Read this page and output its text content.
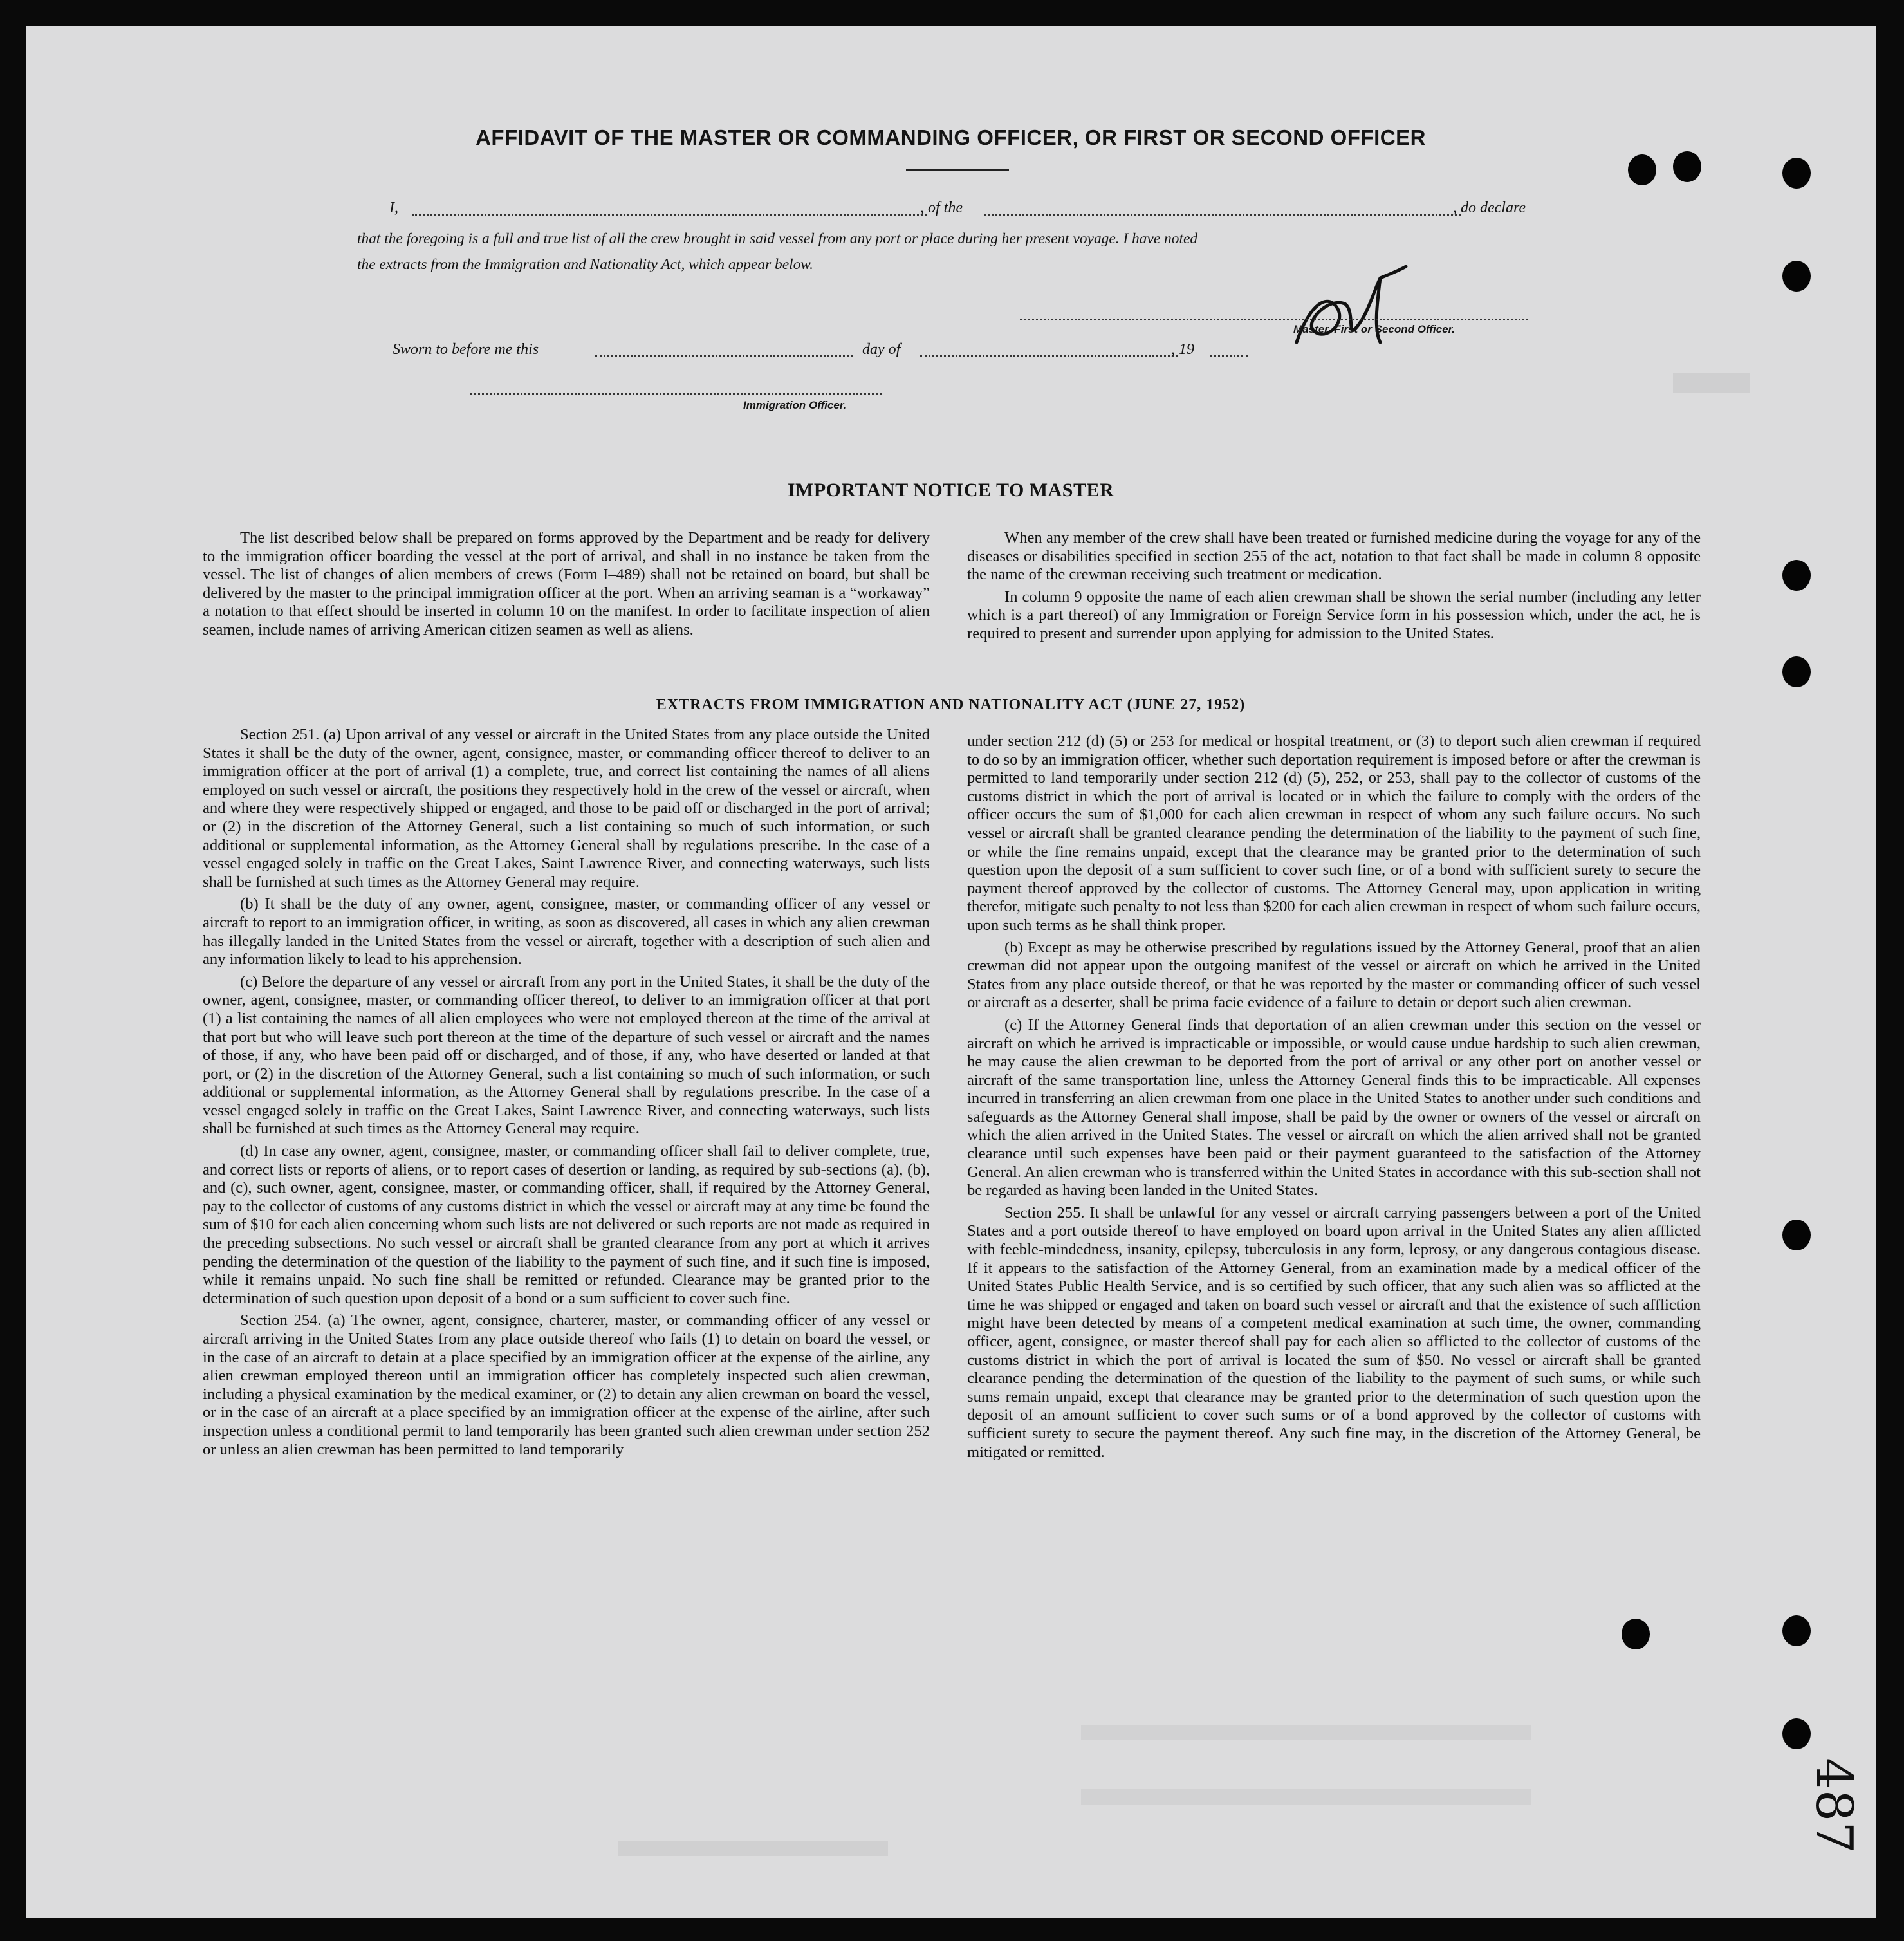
AFFIDAVIT OF THE MASTER OR COMMANDING OFFICER, OR FIRST OR SECOND OFFICER
I,	, of the	, do declare
that the foregoing is a full and true list of all the crew brought in said vessel from any port or place during her present voyage. I have noted
the extracts from the Immigration and Nationality Act, which appear below.
Master, First or Second Officer.
Sworn to before me this	day of	, 19
Immigration Officer.
IMPORTANT NOTICE TO MASTER

The list described below shall be prepared on forms approved by the Department and be ready for delivery to the immigration officer boarding the vessel at the port of arrival, and shall in no instance be taken from the vessel. The list of changes of alien members of crews (Form I–489) shall not be retained on board, but shall be delivered by the master to the principal immigration officer at the port. When an arriving seaman is a “workaway” a notation to that effect should be inserted in column 10 on the manifest. In order to facilitate inspection of alien seamen, include names of arriving American citizen seamen as well as aliens.

When any member of the crew shall have been treated or furnished medicine during the voyage for any of the diseases or disabilities specified in section 255 of the act, notation to that fact shall be made in column 8 opposite the name of the crewman receiving such treatment or medication.

In column 9 opposite the name of each alien crewman shall be shown the serial number (including any letter which is a part thereof) of any Immigration or Foreign Service form in his possession which, under the act, he is required to present and surrender upon applying for admission to the United States.

EXTRACTS FROM IMMIGRATION AND NATIONALITY ACT (JUNE 27, 1952)

Section 251. (a) Upon arrival of any vessel or aircraft in the United States from any place outside the United States it shall be the duty of the owner, agent, consignee, master, or commanding officer thereof to deliver to an immigration officer at the port of arrival (1) a complete, true, and correct list containing the names of all aliens employed on such vessel or aircraft, the positions they respectively hold in the crew of the vessel or aircraft, when and where they were respectively shipped or engaged, and those to be paid off or discharged in the port of arrival; or (2) in the discretion of the Attorney General, such a list containing so much of such information, or such additional or supplemental information, as the Attorney General shall by regulations prescribe. In the case of a vessel engaged solely in traffic on the Great Lakes, Saint Lawrence River, and connecting waterways, such lists shall be furnished at such times as the Attorney General may require.

(b) It shall be the duty of any owner, agent, consignee, master, or commanding officer of any vessel or aircraft to report to an immigration officer, in writing, as soon as discovered, all cases in which any alien crewman has illegally landed in the United States from the vessel or aircraft, together with a description of such alien and any information likely to lead to his apprehension.

(c) Before the departure of any vessel or aircraft from any port in the United States, it shall be the duty of the owner, agent, consignee, master, or commanding officer thereof, to deliver to an immigration officer at that port (1) a list containing the names of all alien employees who were not employed thereon at the time of the arrival at that port but who will leave such port thereon at the time of the departure of such vessel or aircraft and the names of those, if any, who have been paid off or discharged, and of those, if any, who have deserted or landed at that port, or (2) in the discretion of the Attorney General, such a list containing so much of such information, or such additional or supplemental information, as the Attorney General shall by regulations prescribe. In the case of a vessel engaged solely in traffic on the Great Lakes, Saint Lawrence River, and connecting waterways, such lists shall be furnished at such times as the Attorney General may require.

(d) In case any owner, agent, consignee, master, or commanding officer shall fail to deliver complete, true, and correct lists or reports of aliens, or to report cases of desertion or landing, as required by sub-sections (a), (b), and (c), such owner, agent, consignee, master, or commanding officer, shall, if required by the Attorney General, pay to the collector of customs of any customs district in which the vessel or aircraft may at any time be found the sum of $10 for each alien concerning whom such lists are not delivered or such reports are not made as required in the preceding subsections. No such vessel or aircraft shall be granted clearance from any port at which it arrives pending the determination of the question of the liability to the payment of such fine, and if such fine is imposed, while it remains unpaid. No such fine shall be remitted or refunded. Clearance may be granted prior to the determination of such question upon deposit of a bond or a sum sufficient to cover such fine.

Section 254. (a) The owner, agent, consignee, charterer, master, or commanding officer of any vessel or aircraft arriving in the United States from any place outside thereof who fails (1) to detain on board the vessel, or in the case of an aircraft to detain at a place specified by an immigration officer at the expense of the airline, any alien crewman employed thereon until an immigration officer has completely inspected such alien crewman, including a physical examination by the medical examiner, or (2) to detain any alien crewman on board the vessel, or in the case of an aircraft at a place specified by an immigration officer at the expense of the airline, after such inspection unless a conditional permit to land temporarily has been granted such alien crewman under section 252 or unless an alien crewman has been permitted to land temporarily

under section 212 (d) (5) or 253 for medical or hospital treatment, or (3) to deport such alien crewman if required to do so by an immigration officer, whether such deportation requirement is imposed before or after the crewman is permitted to land temporarily under section 212 (d) (5), 252, or 253, shall pay to the collector of customs of the customs district in which the port of arrival is located or in which the failure to comply with the orders of the officer occurs the sum of $1,000 for each alien crewman in respect of whom any such failure occurs. No such vessel or aircraft shall be granted clearance pending the determination of the liability to the payment of such fine, or while the fine remains unpaid, except that the clearance may be granted prior to the determination of such question upon the deposit of a sum sufficient to cover such fine, or of a bond with sufficient surety to secure the payment thereof approved by the collector of customs. The Attorney General may, upon application in writing therefor, mitigate such penalty to not less than $200 for each alien crewman in respect of whom such failure occurs, upon such terms as he shall think proper.

(b) Except as may be otherwise prescribed by regulations issued by the Attorney General, proof that an alien crewman did not appear upon the outgoing manifest of the vessel or aircraft on which he arrived in the United States from any place outside thereof, or that he was reported by the master or commanding officer of such vessel or aircraft as a deserter, shall be prima facie evidence of a failure to detain or deport such alien crewman.

(c) If the Attorney General finds that deportation of an alien crewman under this section on the vessel or aircraft on which he arrived is impracticable or impossible, or would cause undue hardship to such alien crewman, he may cause the alien crewman to be deported from the port of arrival or any other port on another vessel or aircraft of the same transportation line, unless the Attorney General finds this to be impracticable. All expenses incurred in transferring an alien crewman from one place in the United States to another under such conditions and safeguards as the Attorney General shall impose, shall be paid by the owner or owners of the vessel or aircraft on which the alien arrived in the United States. The vessel or aircraft on which the alien arrived shall not be granted clearance until such expenses have been paid or their payment guaranteed to the satisfaction of the Attorney General. An alien crewman who is transferred within the United States in accordance with this sub-section shall not be regarded as having been landed in the United States.

Section 255. It shall be unlawful for any vessel or aircraft carrying passengers between a port of the United States and a port outside thereof to have employed on board upon arrival in the United States any alien afflicted with feeble-mindedness, insanity, epilepsy, tuberculosis in any form, leprosy, or any dangerous contagious disease. If it appears to the satisfaction of the Attorney General, from an examination made by a medical officer of the United States Public Health Service, and is so certified by such officer, that any such alien was so afflicted at the time he was shipped or engaged and taken on board such vessel or aircraft and that the existence of such affliction might have been detected by means of a competent medical examination at such time, the owner, commanding officer, agent, consignee, or master thereof shall pay for each alien so afflicted to the collector of customs of the customs district in which the port of arrival is located the sum of $50. No vessel or aircraft shall be granted clearance pending the determination of the question of the liability to the payment of such sums, or while such sums remain unpaid, except that clearance may be granted prior to the determination of such question upon the deposit of an amount sufficient to cover such sums or of a bond approved by the collector of customs with sufficient surety to secure the payment thereof. Any such fine may, in the discretion of the Attorney General, be mitigated or remitted.

487
